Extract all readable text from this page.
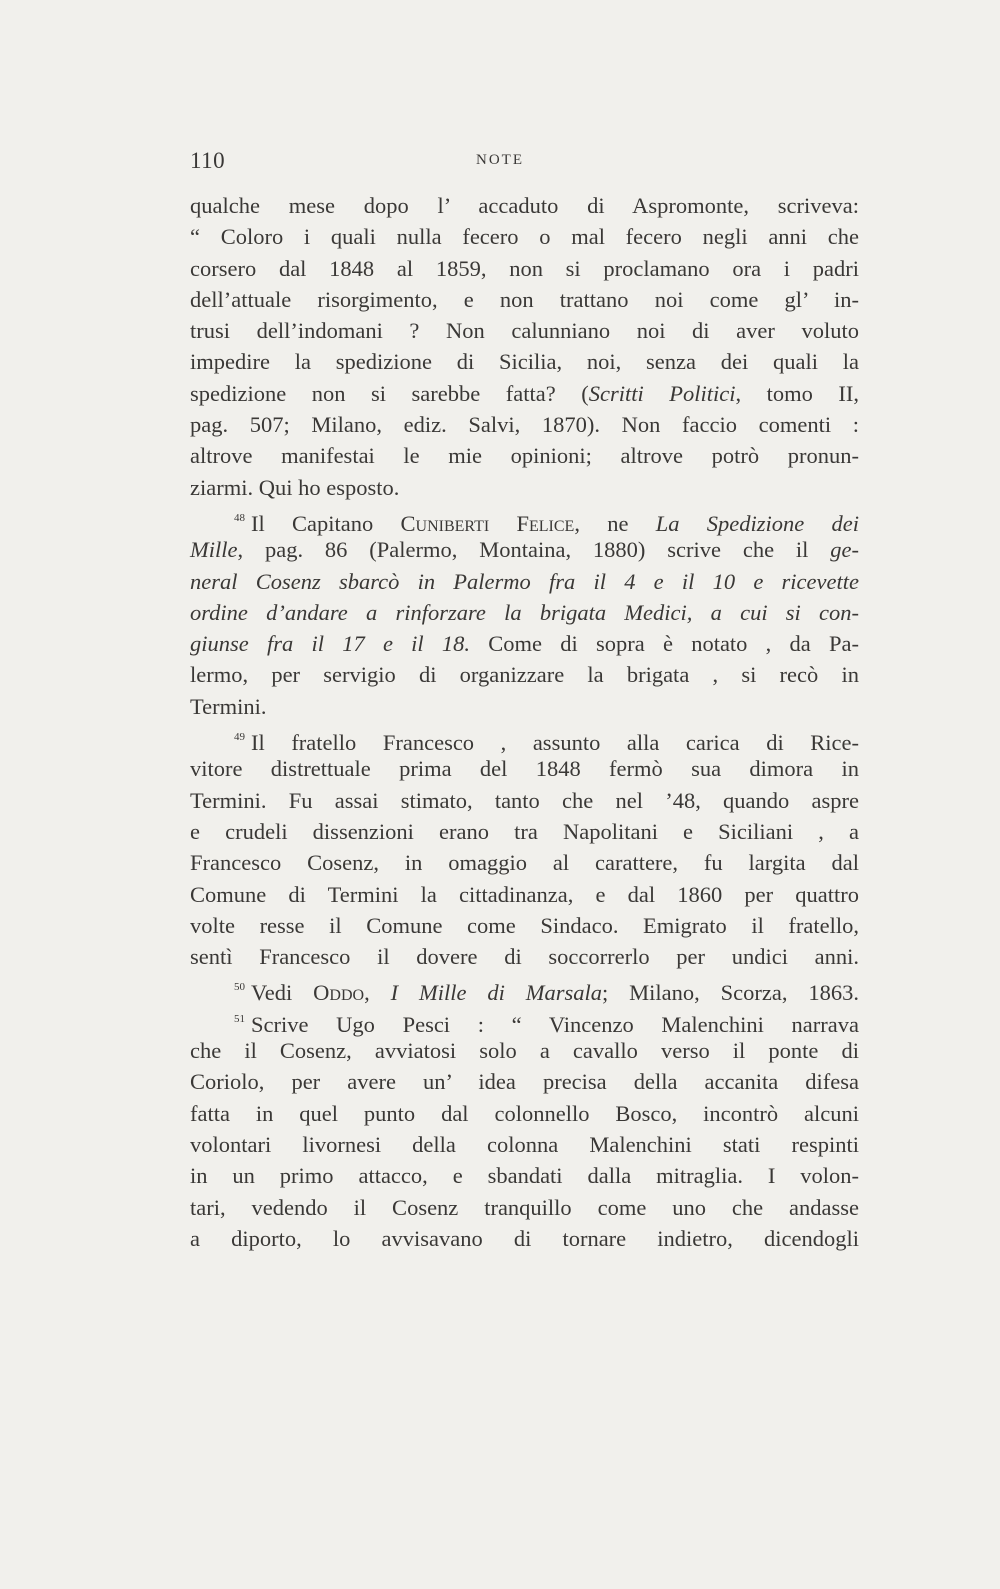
110	NOTE
qualche mese dopo l’ accaduto di Aspromonte, scriveva:
“ Coloro i quali nulla fecero o mal fecero negli anni che
corsero dal 1848 al 1859, non si proclamano ora i padri
dell’attuale risorgimento, e non trattano noi come gl’ in-
trusi dell’indomani ? Non calunniano noi di aver voluto
impedire la spedizione di Sicilia, noi, senza dei quali la
spedizione non si sarebbe fatta? (Scritti Politici, tomo II,
pag. 507; Milano, ediz. Salvi, 1870). Non faccio comenti :
altrove manifestai le mie opinioni; altrove potrò pronun-
ziarmi. Qui ho esposto.
$^{48}$ Il Capitano Cuniberti Felice, ne La Spedizione dei
Mille, pag. 86 (Palermo, Montaina, 1880) scrive che il ge-
neral Cosenz sbarcò in Palermo fra il 4 e il 10 e ricevette
ordine d’andare a rinforzare la brigata Medici, a cui si con-
giunse fra il 17 e il 18. Come di sopra è notato , da Pa-
lermo, per servigio di organizzare la brigata , si recò in
Termini.
$^{49}$ Il fratello Francesco , assunto alla carica di Rice-
vitore distrettuale prima del 1848 fermò sua dimora in
Termini. Fu assai stimato, tanto che nel ’48, quando aspre
e crudeli dissenzioni erano tra Napolitani e Siciliani , a
Francesco Cosenz, in omaggio al carattere, fu largita dal
Comune di Termini la cittadinanza, e dal 1860 per quattro
volte resse il Comune come Sindaco. Emigrato il fratello,
sentì Francesco il dovere di soccorrerlo per undici anni.
$^{50}$ Vedi Oddo, I Mille di Marsala; Milano, Scorza, 1863.
$^{51}$ Scrive Ugo Pesci : “ Vincenzo Malenchini narrava
che il Cosenz, avviatosi solo a cavallo verso il ponte di
Coriolo, per avere un’ idea precisa della accanita difesa
fatta in quel punto dal colonnello Bosco, incontrò alcuni
volontari livornesi della colonna Malenchini stati respinti
in un primo attacco, e sbandati dalla mitraglia. I volon-
tari, vedendo il Cosenz tranquillo come uno che andasse
a diporto, lo avvisavano di tornare indietro, dicendogli
